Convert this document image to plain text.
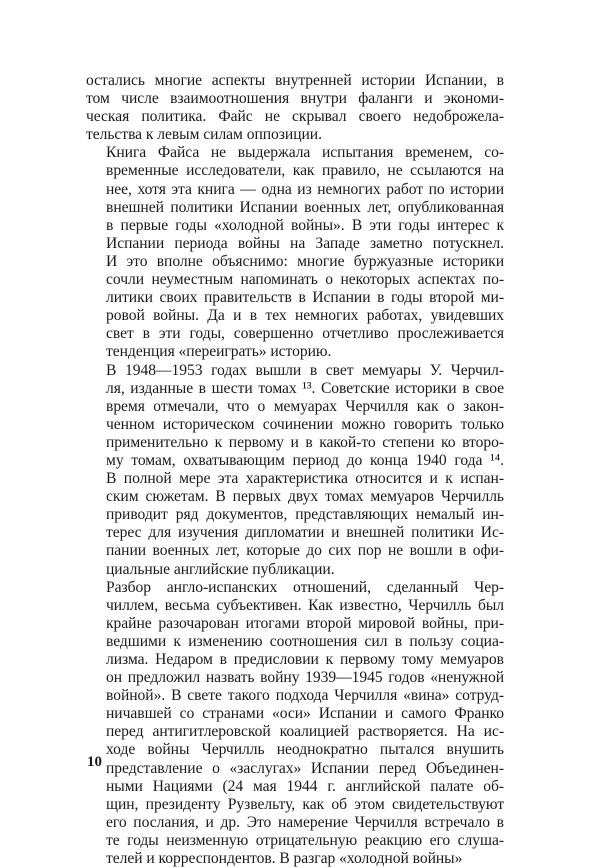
остались многие аспекты внутренней истории Испании, в
том числе взаимоотношения внутри фаланги и экономи-
ческая политика. Файс не скрывал своего недоброжела-
тельства к левым силам оппозиции.

Книга Файса не выдержала испытания временем, со-
временные исследователи, как правило, не ссылаются на
нее, хотя эта книга — одна из немногих работ по истории
внешней политики Испании военных лет, опубликованная
в первые годы «холодной войны». В эти годы интерес к
Испании периода войны на Западе заметно потускнел.
И это вполне объяснимо: многие буржуазные историки
сочли неуместным напоминать о некоторых аспектах по-
литики своих правительств в Испании в годы второй ми-
ровой войны. Да и в тех немногих работах, увидевших
свет в эти годы, совершенно отчетливо прослеживается
тенденция «переиграть» историю.

В 1948—1953 годах вышли в свет мемуары У. Черчил-
ля, изданные в шести томах ¹³. Советские историки в свое
время отмечали, что о мемуарах Черчилля как о закон-
ченном историческом сочинении можно говорить только
применительно к первому и в какой-то степени ко второ-
му томам, охватывающим период до конца 1940 года ¹⁴.
В полной мере эта характеристика относится и к испан-
ским сюжетам. В первых двух томах мемуаров Черчилль
приводит ряд документов, представляющих немалый ин-
терес для изучения дипломатии и внешней политики Ис-
пании военных лет, которые до сих пор не вошли в офи-
циальные английские публикации.

Разбор англо-испанских отношений, сделанный Чер-
чиллем, весьма субъективен. Как известно, Черчилль был
крайне разочарован итогами второй мировой войны, при-
ведшими к изменению соотношения сил в пользу социа-
лизма. Недаром в предисловии к первому тому мемуаров
он предложил назвать войну 1939—1945 годов «ненужной
войной». В свете такого подхода Черчилля «вина» сотруд-
ничавшей со странами «оси» Испании и самого Франко
перед антигитлеровской коалицией растворяется. На ис-
ходе войны Черчилль неоднократно пытался внушить
представление о «заслугах» Испании перед Объединен-
ными Нациями (24 мая 1944 г. английской палате об-
щин, президенту Рузвельту, как об этом свидетельствуют
его послания, и др. Это намерение Черчилля встречало в
те годы неизменную отрицательную реакцию его слуша-
телей и корреспондентов. В разгар «холодной войны»

10
